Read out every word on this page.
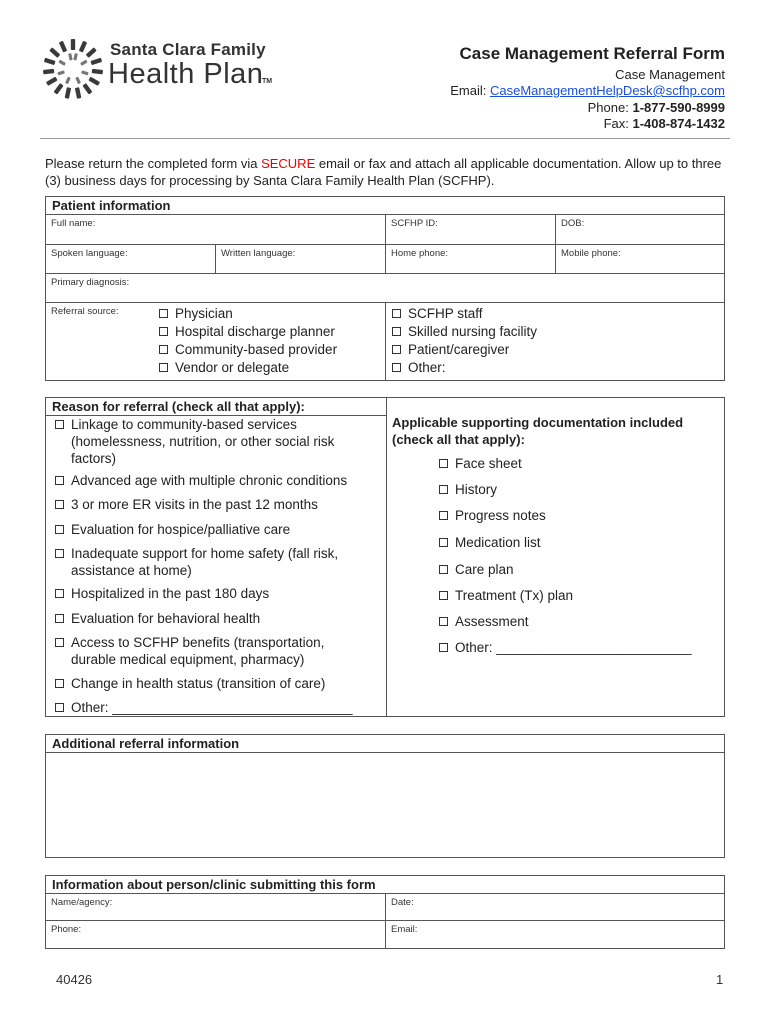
Santa Clara Family
Health Plan
TM
Case Management Referral Form
Case Management
Email: CaseManagementHelpDesk@scfhp.com
Phone: 1-877-590-8999
Fax: 1-408-874-1432
Please return the completed form via SECURE email or fax and attach all applicable documentation. Allow up to three (3) business days for processing by Santa Clara Family Health Plan (SCFHP).
Patient information
Full name:	SCFHP ID:	DOB:
Spoken language:	Written language:	Home phone:	Mobile phone:
Primary diagnosis:
Referral source:	Physician
Hospital discharge planner
Community-based provider
Vendor or delegate
SCFHP staff
Skilled nursing facility
Patient/caregiver
Other:
Reason for referral (check all that apply):
Applicable supporting documentation included (check all that apply):
Linkage to community-based services (homelessness, nutrition, or other social risk factors)
Advanced age with multiple chronic conditions
3 or more ER visits in the past 12 months
Evaluation for hospice/palliative care
Inadequate support for home safety (fall risk, assistance at home)
Hospitalized in the past 180 days
Evaluation for behavioral health
Access to SCFHP benefits (transportation, durable medical equipment, pharmacy)
Change in health status (transition of care)
Other: ________________________________
Face sheet
History
Progress notes
Medication list
Care plan
Treatment (Tx) plan
Assessment
Other: __________________________
Additional referral information
Information about person/clinic submitting this form
Name/agency:	Date:
Phone:	Email:
40426	1
